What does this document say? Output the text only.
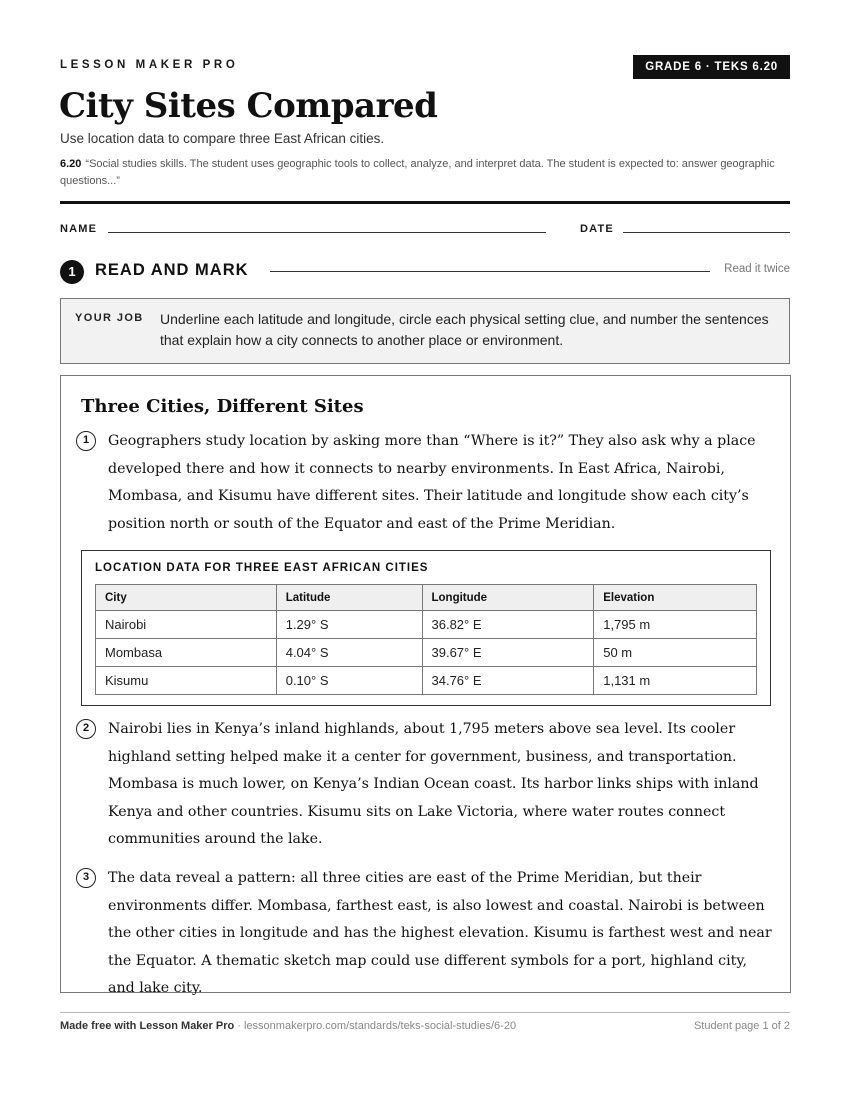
LESSON MAKER PRO	GRADE 6 · TEKS 6.20
City Sites Compared
Use location data to compare three East African cities.
6.20 “Social studies skills. The student uses geographic tools to collect, analyze, and interpret data. The student is expected to: answer geographic questions...”
NAME	DATE
1	READ AND MARK	Read it twice
YOUR JOB Underline each latitude and longitude, circle each physical setting clue, and number the sentences that explain how a city connects to another place or environment.
Three Cities, Different Sites
1	Geographers study location by asking more than “Where is it?” They also ask why a place developed there and how it connects to nearby environments. In East Africa, Nairobi, Mombasa, and Kisumu have different sites. Their latitude and longitude show each city’s position north or south of the Equator and east of the Prime Meridian.
LOCATION DATA FOR THREE EAST AFRICAN CITIES
City	Latitude	Longitude	Elevation
Nairobi	1.29° S	36.82° E	1,795 m
Mombasa	4.04° S	39.67° E	50 m
Kisumu	0.10° S	34.76° E	1,131 m
2	Nairobi lies in Kenya’s inland highlands, about 1,795 meters above sea level. Its cooler highland setting helped make it a center for government, business, and transportation. Mombasa is much lower, on Kenya’s Indian Ocean coast. Its harbor links ships with inland Kenya and other countries. Kisumu sits on Lake Victoria, where water routes connect communities around the lake.
3	The data reveal a pattern: all three cities are east of the Prime Meridian, but their environments differ. Mombasa, farthest east, is also lowest and coastal. Nairobi is between the other cities in longitude and has the highest elevation. Kisumu is farthest west and near the Equator. A thematic sketch map could use different symbols for a port, highland city, and lake city.
Made free with Lesson Maker Pro · lessonmakerpro.com/standards/teks-social-studies/6-20	Student page 1 of 2
